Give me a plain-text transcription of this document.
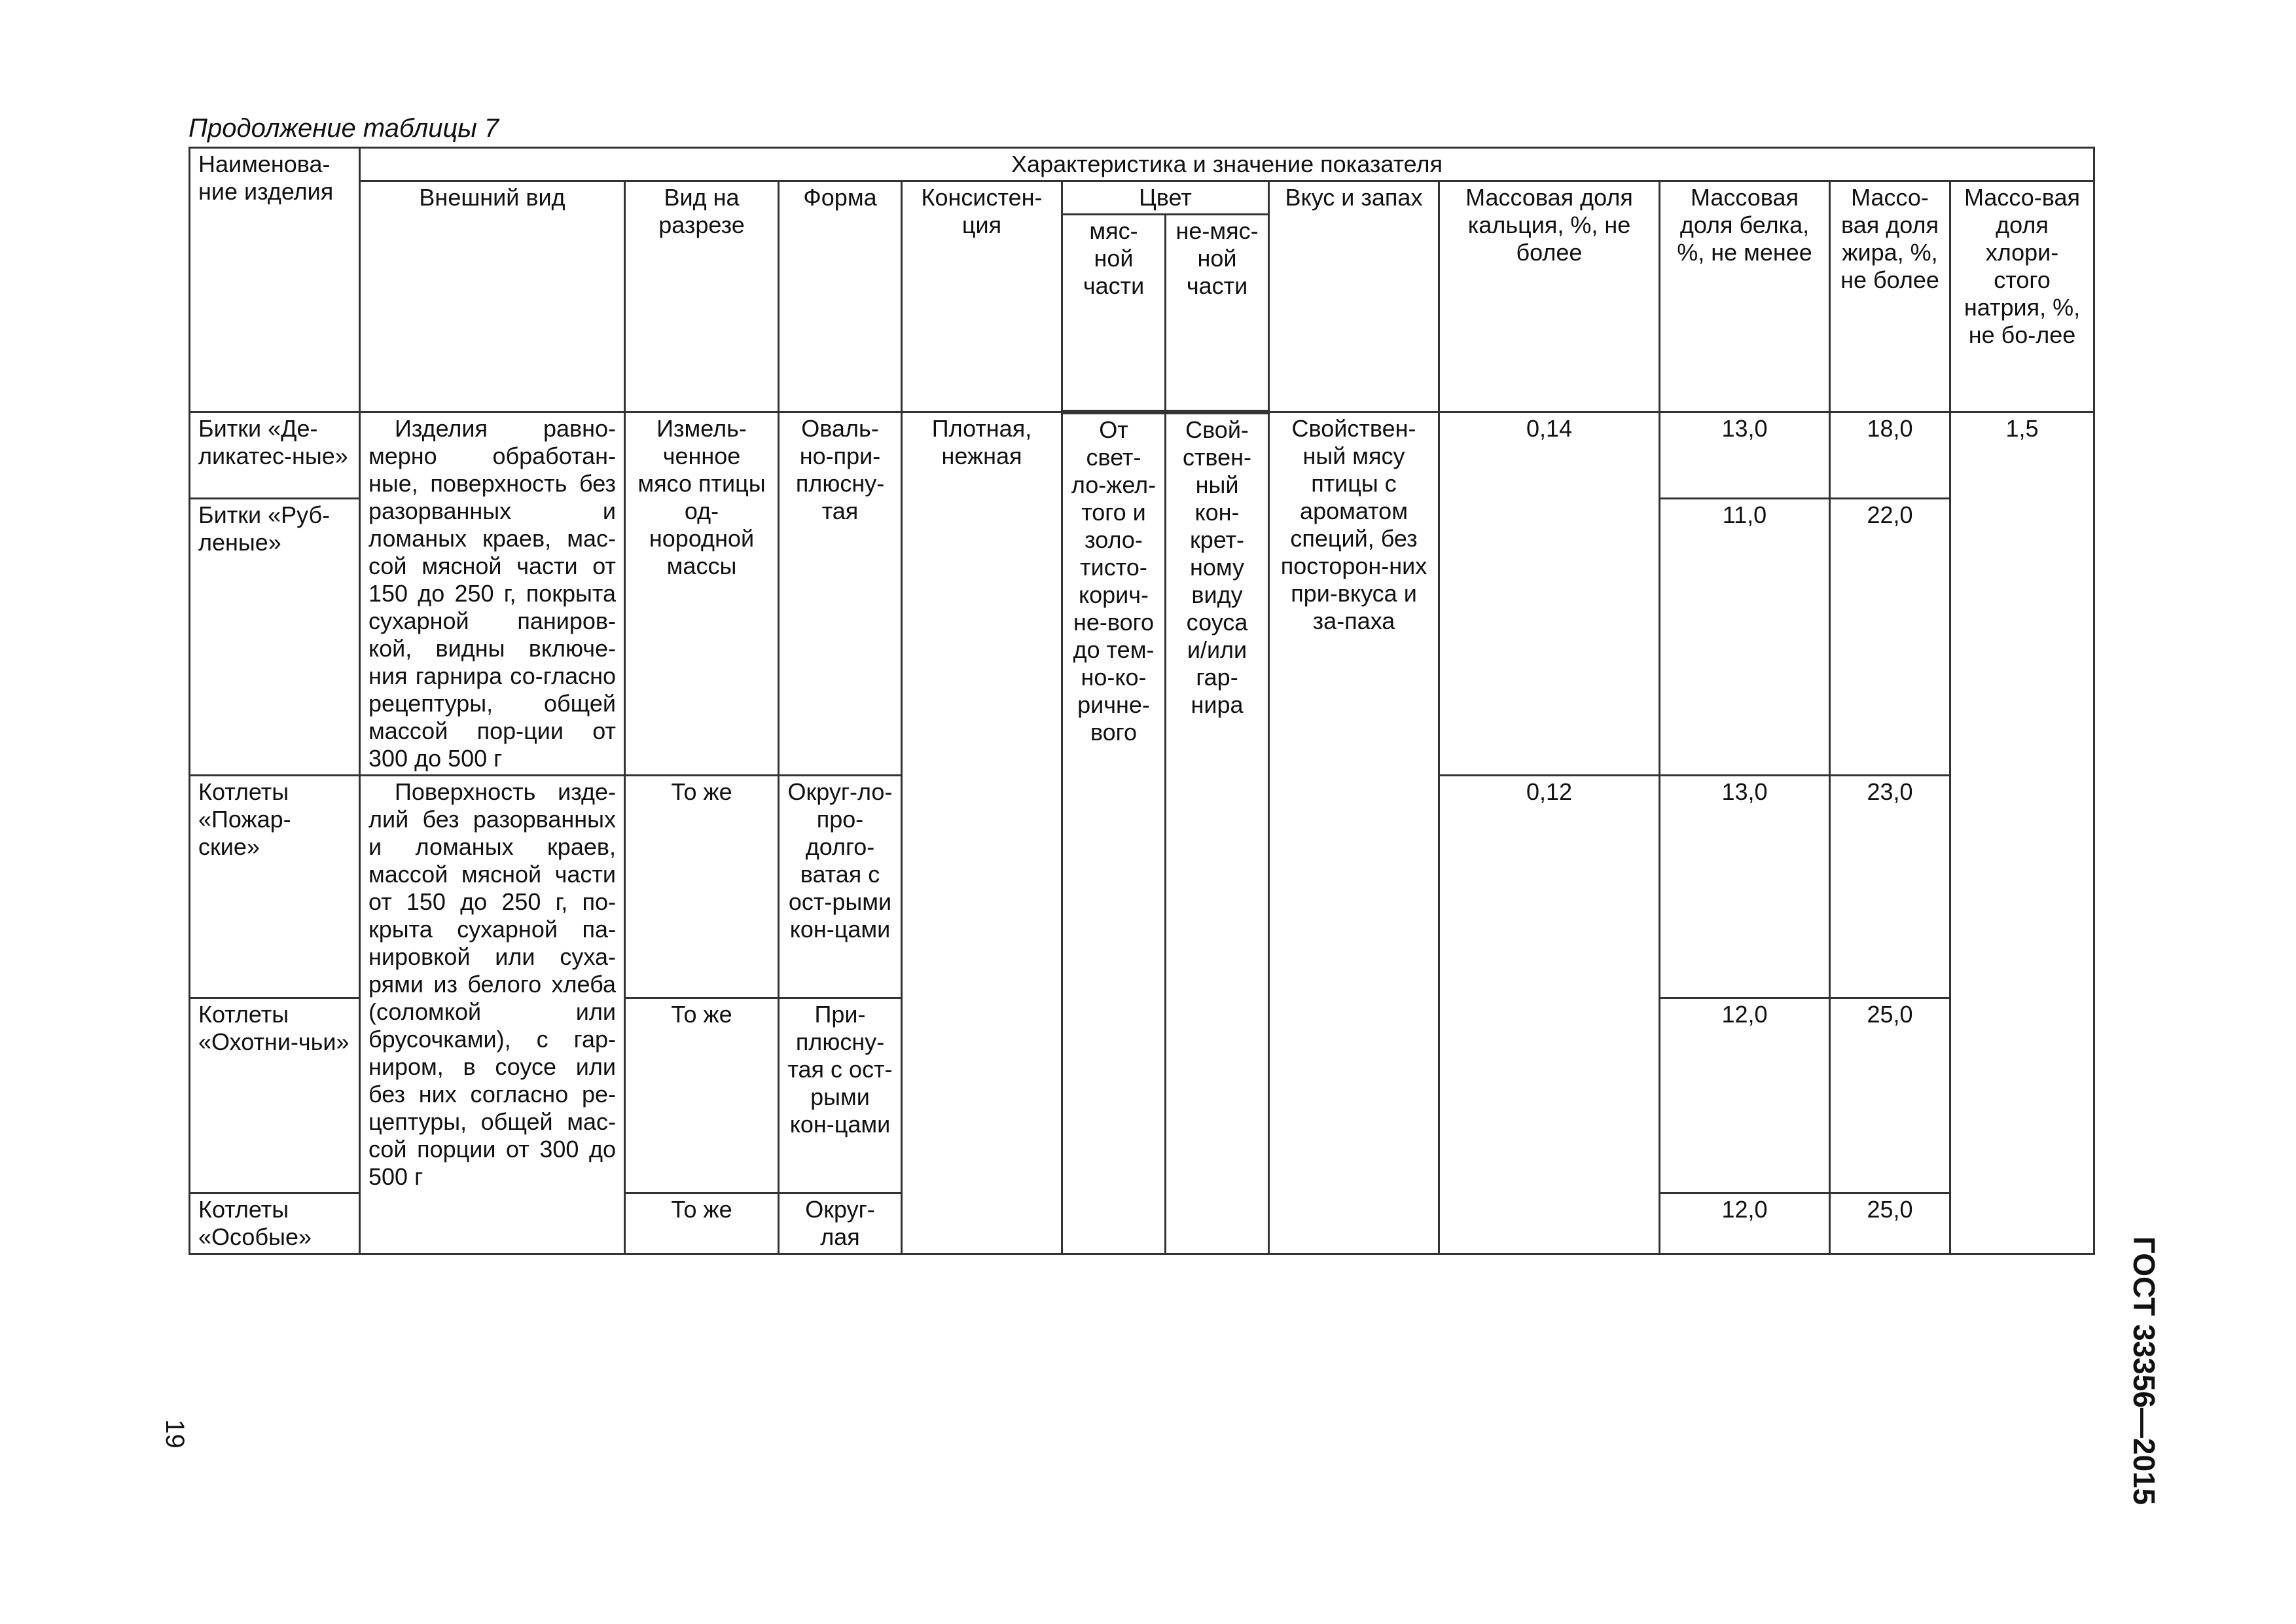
Продолжение таблицы 7
Наименова-ние изделия	Характеристика и значение показателя										
	Внешний вид	Вид на разрезе	Форма	Консистен-ция	Цвет		Вкус и запах	Массовая доля кальция, %, не более	Массовая доля белка, %, не менее	Массо-вая доля жира, %, не более	Массо-вая доля хлори-стого натрия, %, не бо-лее
					мяс-ной части	не-мяс-ной части					
Битки «Де-ликатес-ные»	Изделия равно-мерно обработан-ные, поверхность без разорванных и ломаных краев, мас-сой мясной части от 150 до 250 г, покрыта сухарной паниров-кой, видны включе-ния гарнира со-гласно рецептуры, общей массой пор-ции от 300 до 500 г	Измель-ченное мясо птицы од-нородной массы	Оваль-но-при-плюсну-тая	Плотная, нежная	От свет-ло-жел-того и золо-тисто-корич-не-вого до тем-но-ко-ричне-вого	Свой-ствен-ный кон-крет-ному виду соуса и/или гар-нира	Свойствен-ный мясу птицы с ароматом специй, без посторон-них при-вкуса и за-паха	0,14	13,0	18,0	1,5
Битки «Руб-леные»									11,0	22,0	
Котлеты «Пожар-ские»	Поверхность изде-лий без разорванных и ломаных краев, массой мясной части от 150 до 250 г, по-крыта сухарной па-нировкой или суха-рями из белого хлеба (соломкой или брусочками), с гар-ниром, в соусе или без них согласно ре-цептуры, общей мас-сой порции от 300 до 500 г	То же	Округ-ло-про-долго-ватая с ост-рыми кон-цами					0,12	13,0	23,0	
Котлеты «Охотни-чьи»		То же	При-плюсну-тая с ост-рыми кон-цами						12,0	25,0	
Котлеты «Особые»		То же	Округ-лая						12,0	25,0	
19	ГОСТ 33356—2015
